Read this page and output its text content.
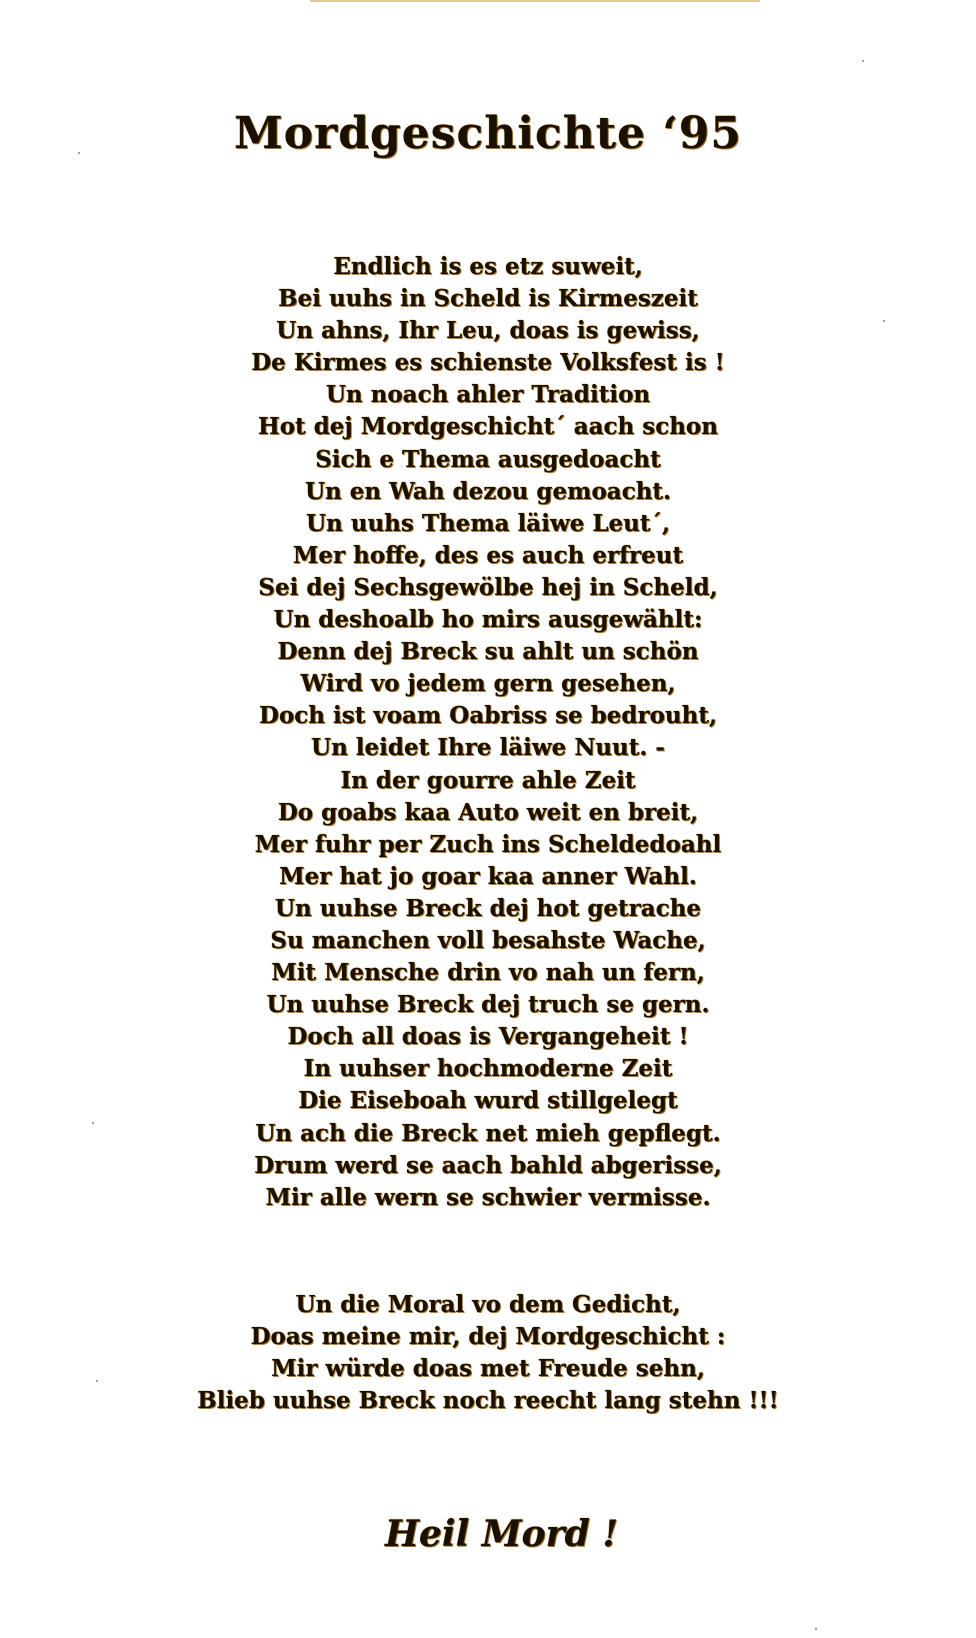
Mordgeschichte ‘95
Endlich is es etz suweit,
Bei uuhs in Scheld is Kirmeszeit
Un ahns, Ihr Leu, doas is gewiss,
De Kirmes es schienste Volksfest is !
Un noach ahler Tradition
Hot dej Mordgeschicht´ aach schon
Sich e Thema ausgedoacht
Un en Wah dezou gemoacht.
Un uuhs Thema läiwe Leut´,
Mer hoffe, des es auch erfreut
Sei dej Sechsgewölbe hej in Scheld,
Un deshoalb ho mirs ausgewählt:
Denn dej Breck su ahlt un schön
Wird vo jedem gern gesehen,
Doch ist voam Oabriss se bedrouht,
Un leidet Ihre läiwe Nuut. -
In der gourre ahle Zeit
Do goabs kaa Auto weit en breit,
Mer fuhr per Zuch ins Scheldedoahl
Mer hat jo goar kaa anner Wahl.
Un uuhse Breck dej hot getrache
Su manchen voll besahste Wache,
Mit Mensche drin vo nah un fern,
Un uuhse Breck dej truch se gern.
Doch all doas is Vergangeheit !
In uuhser hochmoderne Zeit
Die Eiseboah wurd stillgelegt
Un ach die Breck net mieh gepflegt.
Drum werd se aach bahld abgerisse,
Mir alle wern se schwier vermisse.
Un die Moral vo dem Gedicht,
Doas meine mir, dej Mordgeschicht :
Mir würde doas met Freude sehn,
Blieb uuhse Breck noch reecht lang stehn !!!
Heil Mord !
